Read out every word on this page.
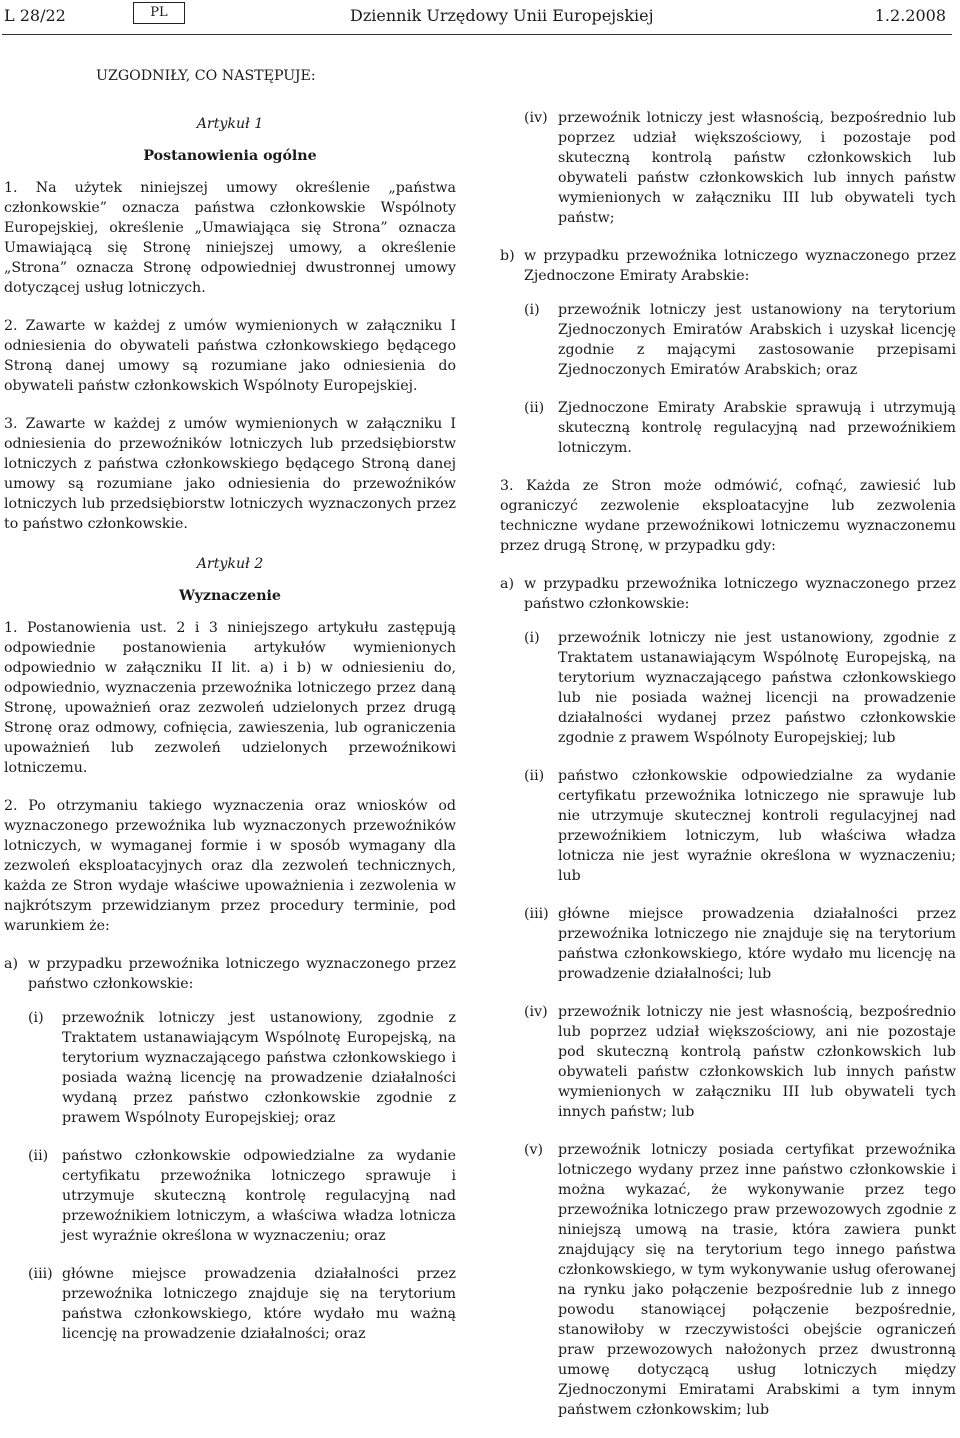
L 28/22	PL	Dziennik Urzędowy Unii Europejskiej	1.2.2008

UZGODNIŁY, CO NASTĘPUJE:

Artykuł 1

Postanowienia ogólne

1. Na użytek niniejszej umowy określenie „państwa członkowskie” oznacza państwa członkowskie Wspólnoty Europejskiej, określenie „Umawiająca się Strona” oznacza Umawiającą się Stronę niniejszej umowy, a określenie „Strona” oznacza Stronę odpowiedniej dwustronnej umowy dotyczącej usług lotniczych.

2. Zawarte w każdej z umów wymienionych w załączniku I odniesienia do obywateli państwa członkowskiego będącego Stroną danej umowy są rozumiane jako odniesienia do obywateli państw członkowskich Wspólnoty Europejskiej.

3. Zawarte w każdej z umów wymienionych w załączniku I odniesienia do przewoźników lotniczych lub przedsiębiorstw lotniczych z państwa członkowskiego będącego Stroną danej umowy są rozumiane jako odniesienia do przewoźników lotniczych lub przedsiębiorstw lotniczych wyznaczonych przez to państwo członkowskie.

Artykuł 2

Wyznaczenie

1. Postanowienia ust. 2 i 3 niniejszego artykułu zastępują odpowiednie postanowienia artykułów wymienionych odpowiednio w załączniku II lit. a) i b) w odniesieniu do, odpowiednio, wyznaczenia przewoźnika lotniczego przez daną Stronę, upoważnień oraz zezwoleń udzielonych przez drugą Stronę oraz odmowy, cofnięcia, zawieszenia, lub ograniczenia upoważnień lub zezwoleń udzielonych przewoźnikowi lotniczemu.

2. Po otrzymaniu takiego wyznaczenia oraz wniosków od wyznaczonego przewoźnika lub wyznaczonych przewoźników lotniczych, w wymaganej formie i w sposób wymagany dla zezwoleń eksploatacyjnych oraz dla zezwoleń technicznych, każda ze Stron wydaje właściwe upoważnienia i zezwolenia w najkrótszym przewidzianym przez procedury terminie, pod warunkiem że:

a) w przypadku przewoźnika lotniczego wyznaczonego przez państwo członkowskie:
(i)	przewoźnik lotniczy jest ustanowiony, zgodnie z Traktatem ustanawiającym Wspólnotę Europejską, na terytorium wyznaczającego państwa członkowskiego i posiada ważną licencję na prowadzenie działalności wydaną przez państwo członkowskie zgodnie z prawem Wspólnoty Europejskiej; oraz
(ii) państwo członkowskie odpowiedzialne za wydanie certyfikatu przewoźnika lotniczego sprawuje i utrzymuje skuteczną kontrolę regulacyjną nad przewoźnikiem lotniczym, a właściwa władza lotnicza jest wyraźnie określona w wyznaczeniu; oraz
(iii) główne miejsce prowadzenia działalności przez przewoźnika lotniczego znajduje się na terytorium państwa członkowskiego, które wydało mu ważną licencję na prowadzenie działalności; oraz
(iv) przewoźnik lotniczy jest własnością, bezpośrednio lub poprzez udział większościowy, i pozostaje pod skuteczną kontrolą państw członkowskich lub obywateli państw członkowskich lub innych państw wymienionych w załączniku III lub obywateli tych państw;
b) w przypadku przewoźnika lotniczego wyznaczonego przez Zjednoczone Emiraty Arabskie:
(i)	przewoźnik lotniczy jest ustanowiony na terytorium Zjednoczonych Emiratów Arabskich i uzyskał licencję zgodnie z mającymi zastosowanie przepisami Zjednoczonych Emiratów Arabskich; oraz
(ii) Zjednoczone Emiraty Arabskie sprawują i utrzymują skuteczną kontrolę regulacyjną nad przewoźnikiem lotniczym.

3. Każda ze Stron może odmówić, cofnąć, zawiesić lub ograniczyć zezwolenie eksploatacyjne lub zezwolenia techniczne wydane przewoźnikowi lotniczemu wyznaczonemu przez drugą Stronę, w przypadku gdy:

a) w przypadku przewoźnika lotniczego wyznaczonego przez państwo członkowskie:
(i)	przewoźnik lotniczy nie jest ustanowiony, zgodnie z Traktatem ustanawiającym Wspólnotę Europejską, na terytorium wyznaczającego państwa członkowskiego lub nie posiada ważnej licencji na prowadzenie działalności wydanej przez państwo członkowskie zgodnie z prawem Wspólnoty Europejskiej; lub
(ii) państwo członkowskie odpowiedzialne za wydanie certyfikatu przewoźnika lotniczego nie sprawuje lub nie utrzymuje skutecznej kontroli regulacyjnej nad przewoźnikiem lotniczym, lub właściwa władza lotnicza nie jest wyraźnie określona w wyznaczeniu; lub
(iii) główne miejsce prowadzenia działalności przez przewoźnika lotniczego nie znajduje się na terytorium państwa członkowskiego, które wydało mu licencję na prowadzenie działalności; lub
(iv) przewoźnik lotniczy nie jest własnością, bezpośrednio lub poprzez udział większościowy, ani nie pozostaje pod skuteczną kontrolą państw członkowskich lub obywateli państw członkowskich lub innych państw wymienionych w załączniku III lub obywateli tych innych państw; lub
(v)	przewoźnik lotniczy posiada certyfikat przewoźnika lotniczego wydany przez inne państwo członkowskie i można wykazać, że wykonywanie przez tego przewoźnika lotniczego praw przewozowych zgodnie z niniejszą umową na trasie, która zawiera punkt znajdujący się na terytorium tego innego państwa członkowskiego, w tym wykonywanie usług oferowanej na rynku jako połączenie bezpośrednie lub z innego powodu stanowiącej połączenie bezpośrednie, stanowiłoby w rzeczywistości obejście ograniczeń praw przewozowych nałożonych przez dwustronną umowę dotyczącą usług lotniczych między Zjednoczonymi Emiratami Arabskimi a tym innym państwem członkowskim; lub
